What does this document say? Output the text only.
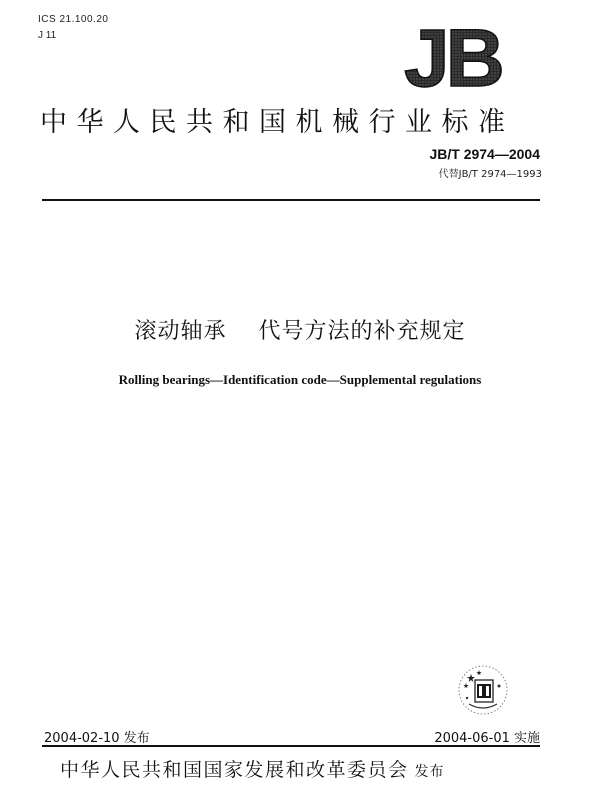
ICS 21.100.20
J 11	JB
中华人民共和国机械行业标准
JB/T 2974—2004
代替JB/T 2974—1993
滚动轴承    代号方法的补充规定
Rolling bearings—Identification code—Supplemental regulations
2004-02-10 发布	2004-06-01 实施
中华人民共和国国家发展和改革委员会 发布
